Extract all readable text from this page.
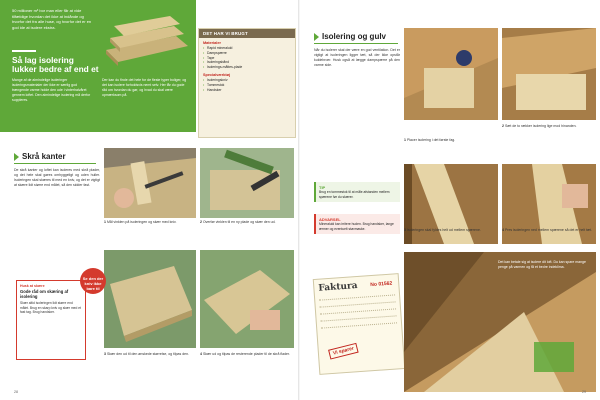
50 millioner m³ bor man eller får at vide tilfældige hvordan det ikke at indånde og hvorfor det fra alle huse, og hvorfor det er en god ide at isolere ekstra.
Så lag isolering lukker bedre af end et
Mange af de almindelige isoleringer isoleringsmaterialer der ikke er særlig god trængende varme holde den ude i vinterhalvåret gennem loftet. Den almindelige isolering må derfor suppleres.
Der kan du finde det hele for de fleste typer boliger, og det kan isolere forholdsvis nemt selv. Her får du gode råd om hvordan du gør, og hvad du skal være opmærksom på.
DET HAR VI BRUGT
Materialer
• Rapid mineraluld
• Dampspærre
• Tape
• Isoleringsbånd
• Isolerings-måttes-plade
Specialværktøj
• Isoleringskniv
• Tommestok
• Handsker
Skrå kanter
De skrå kanter og loftet kan isoleres med skrå plader, og det hele skal gøres omhyggeligt og uden huller. Isoleringen skal skæres til med en kniv, og det er vigtigt at skære lidt større end målet, så den sidder fast.
1 Mål vinklen på isoleringen og skær med kniv.	2 Overfør vinklen til en ny plade og skær den ud.
3 Skær den ud til den ønskede størrelse, og tilpas den.	4 Skær ud og tilpas de resterende plader til de skrå flader.
Husk at skære
Gode råd om skæring af isolering
Skær altid isoleringen lidt større end målet. Brug en skarp kniv og skær med et fast tag. Brug handsker.
Se den der kniv ikke bare til
28
Isolering og gulv
Når du isolerer skal der være en god ventilation. Det er vigtigt at isoleringen ligger tæt, så der ikke opstår kuldebroer. Husk også at lægge dampspærre på den varme side.
TIP
Brug en tommestok til at måle afstanden mellem spærene før du skærer.
ADVARSEL
Mineraluld kan irritere huden. Brug handsker, lange ærmer og eventuelt støvmaske.
1 Placer isolering i det første fag.
2 Sæt de to rækker isolering lige mod hinanden.
3 Isoleringen skal fyldes helt ud mellem spærene.	4 Pres isoleringen ned mellem spærene så det er helt tæt.
Faktura	No 01562
Vi sparer
Det kan betale sig at isolere dit loft. Du kan spare mange penge på varmen og få et bedre indeklima.
29
